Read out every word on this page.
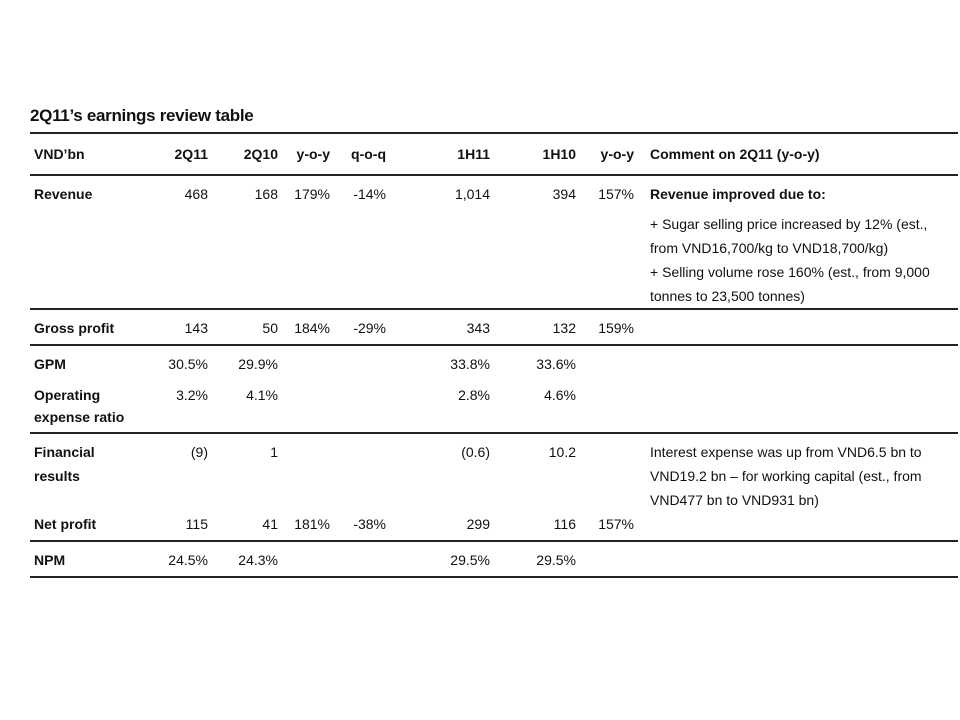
2Q11’s earnings review table
VND’bn	2Q11	2Q10	y-o-y	q-o-q	1H11	1H10	y-o-y	Comment on 2Q11 (y-o-y)
Revenue	468	168	179%	-14%	1,014	394	157%	Revenue improved due to:

								+ Sugar selling price increased by 12% (est.,
from VND16,700/kg to VND18,700/kg)
+ Selling volume rose 160% (est., from 9,000
tonnes to 23,500 tonnes)

Gross profit	143	50	184%	-29%	343	132	159%	
GPM	30.5%	29.9%			33.8%	33.6%		

Operating
expense ratio	3.2%	4.1%			2.8%	4.6%		
Financial results	(9)	1			(0.6)	10.2		Interest expense was up from VND6.5 bn to
VND19.2 bn – for working capital (est., from
VND477 bn to VND931 bn)

Net profit	115	41	181%	-38%	299	116	157%	
NPM	24.5%	24.3%			29.5%	29.5%		
